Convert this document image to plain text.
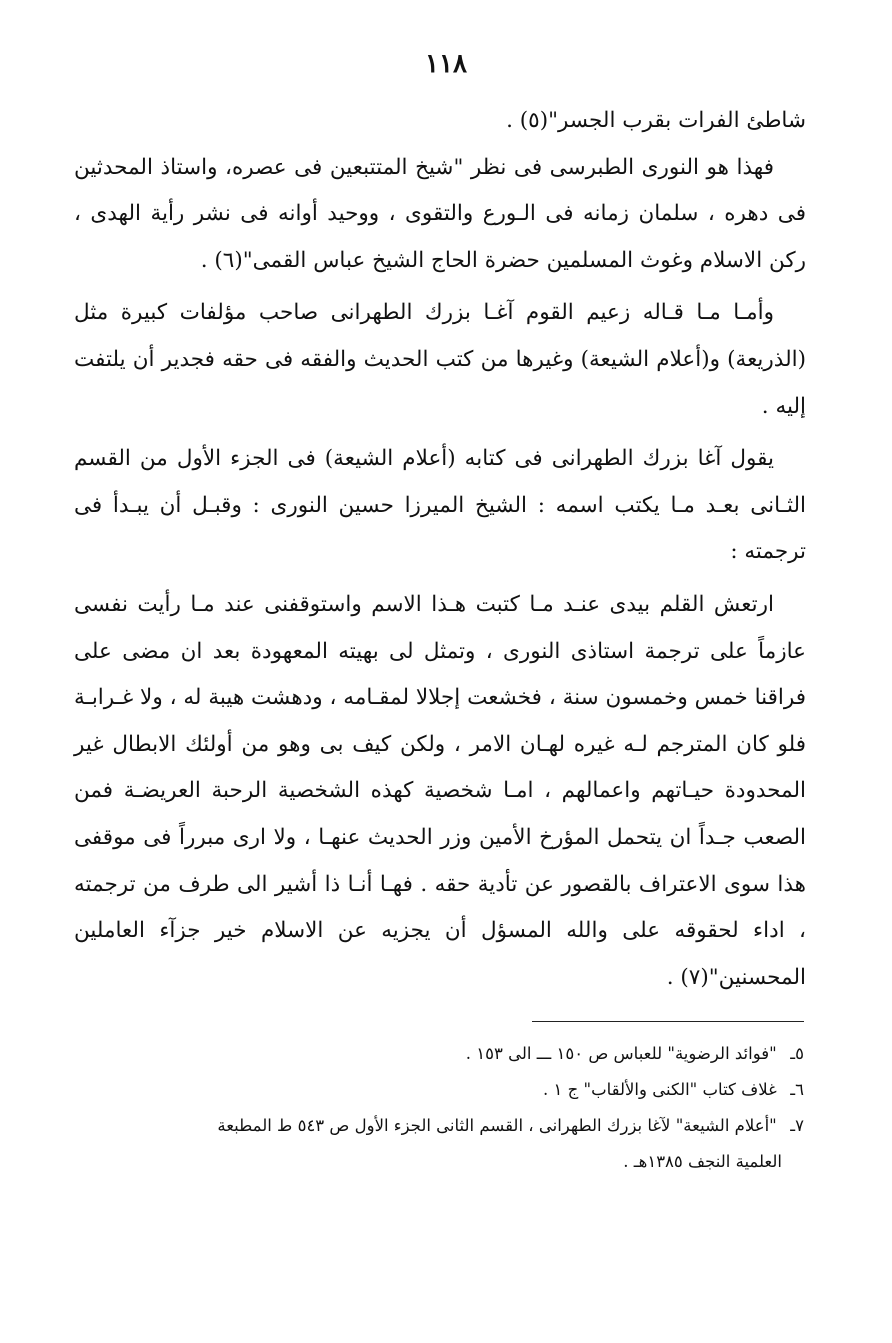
١١٨

شاطئ الفرات بقرب الجسر"(٥) .

فهذا هو النورى الطبرسى فى نظر "شيخ المتتبعين فى عصره، واستاذ المحدثين فى دهره ، سلمان زمانه فى الـورع والتقوى ، ووحيد أوانه فى نشر رأية الهدى ، ركن الاسلام وغوث المسلمين حضرة الحاج الشيخ عباس القمى"(٦) .

وأمـا مـا قـاله زعيم القوم آغـا بزرك الطهرانى صاحب مؤلفات كبيرة مثل (الذريعة) و(أعلام الشيعة) وغيرها من كتب الحديث والفقه فى حقه فجدير أن يلتفت إليه .

يقول آغا بزرك الطهرانى فى كتابه (أعلام الشيعة) فى الجزء الأول من القسم الثـانى بعـد مـا يكتب اسمه : الشيخ الميرزا حسين النورى : وقبـل أن يبـدأ فى ترجمته :

ارتعش القلم بيدى عنـد مـا كتبت هـذا الاسم واستوقفنى عند مـا رأيت نفسى عازماً على ترجمة استاذى النورى ، وتمثل لى بهيته المعهودة بعد ان مضى على فراقنا خمس وخمسون سنة ، فخشعت إجلالا لمقـامه ، ودهشت هيبة له ، ولا غـرابـة فلو كان المترجم لـه غيره لهـان الامر ، ولكن كيف بى وهو من أولئك الابطال غير المحدودة حيـاتهم واعمالهم ، امـا شخصية كهذه الشخصية الرحبة العريضـة فمن الصعب جـداً ان يتحمل المؤرخ الأمين وزر الحديث عنهـا ، ولا ارى مبرراً فى موقفى هذا سوى الاعتراف بالقصور عن تأدية حقه . فهـا أنـا ذا أشير الى طرف من ترجمته ، اداء لحقوقه على والله المسؤل أن يجزيه عن الاسلام خير جزآء العاملين المحسنين"(٧) .

٥ـ "فوائد الرضوية" للعباس ص ١٥٠ ـــ الى ١٥٣ .

٦ـ غلاف كتاب "الكنى والألقاب" ج ١ .

٧ـ "أعلام الشيعة" لآغا بزرك الطهرانى ، القسم الثانى الجزء الأول ص ٥٤٣ ط المطبعة
العلمية النجف ١٣٨٥هـ .
